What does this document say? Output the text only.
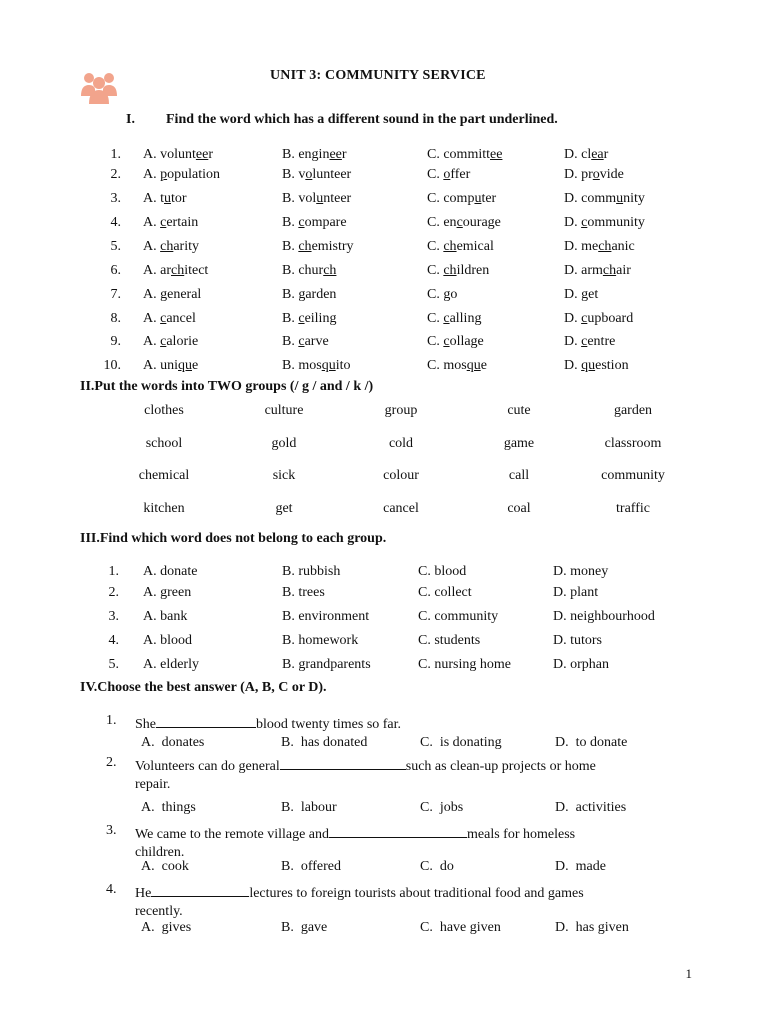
UNIT 3: COMMUNITY SERVICE
I. Find the word which has a different sound in the part underlined.
1. A. volunteer	B. engineer	C. committee	D. clear
2. A. population	B. volunteer	C. offer	D. provide
3. A. tutor	B. volunteer	C. computer	D. community
4. A. certain	B. compare	C. encourage	D. community
5. A. charity	B. chemistry	C. chemical	D. mechanic
6. A. architect	B. church	C. children	D. armchair
7. A. general	B. garden	C. go	D. get
8. A. cancel	B. ceiling	C. calling	D. cupboard
9. A. calorie	B. carve	C. collage	D. centre
10. A. unique	B. mosquito	C. mosque	D. question
II.Put the words into TWO groups (/ g / and / k /)
clothes	culture	group	cute	garden
school	gold	cold	game	classroom
chemical	sick	colour	call	community
kitchen	get	cancel	coal	traffic
III.Find which word does not belong to each group.
1. A. donate	B. rubbish	C. blood	D. money
2. A. green	B. trees	C. collect	D. plant
3. A. bank	B. environment	C. community	D. neighbourhood
4. A. blood	B. homework	C. students	D. tutors
5. A. elderly	B. grandparents	C. nursing home	D. orphan
IV.Choose the best answer (A, B, C or D).
1. She	blood twenty times so far.
A.  donates	B.  has donated	C.  is donating	D.  to donate
2. Volunteers can do general	such as clean-up projects or home
repair.
A.  things	B.  labour	C.  jobs	D.  activities
3. We came to the remote village and	meals for homeless
children.
A.  cook	B.  offered	C.  do	D.  made
4. He	lectures to foreign tourists about traditional food and games
recently.
A.  gives	B.  gave	C.  have given	D.  has given
1
